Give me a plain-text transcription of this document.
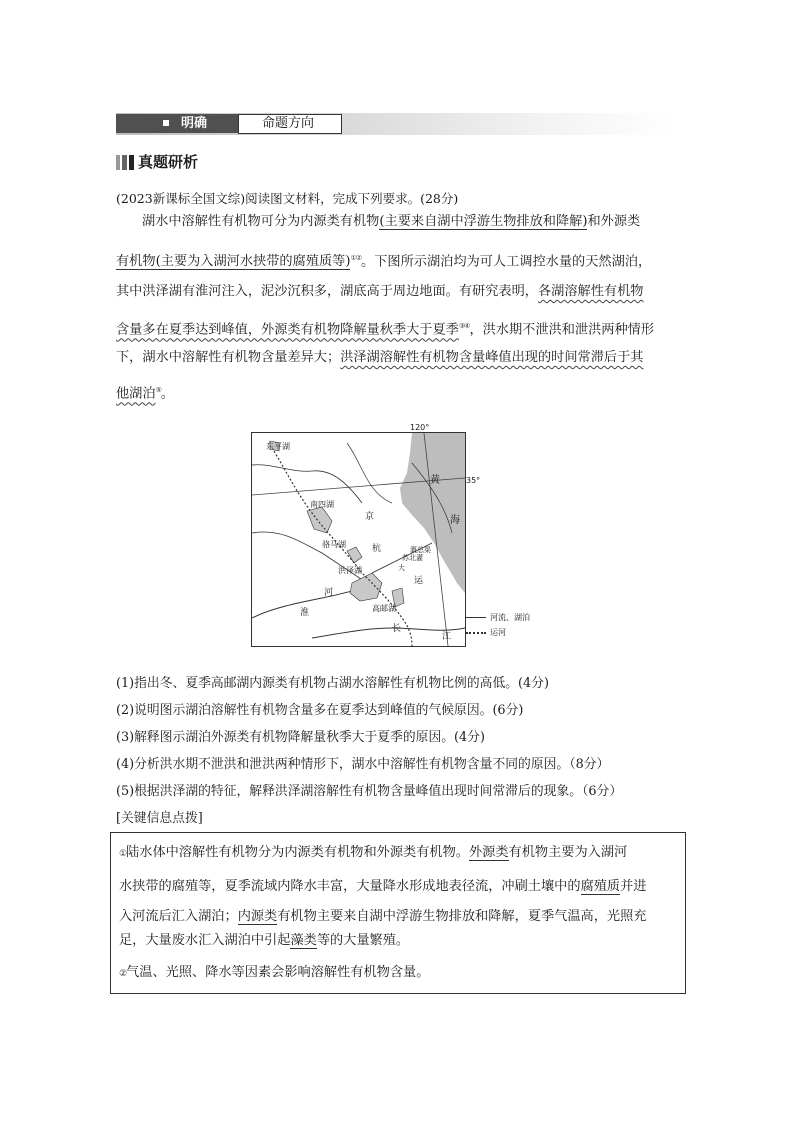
明确	命题方向
真题研析
(2023新课标全国文综)阅读图文材料，完成下列要求。(28分)
湖水中溶解性有机物可分为内源类有机物(主要来自湖中浮游生物排放和降解)和外源类
有机物(主要为入湖河水挟带的腐殖质等)①②。下图所示湖泊均为可人工调控水量的天然湖泊，
其中洪泽湖有淮河注入，泥沙沉积多，湖底高于周边地面。有研究表明，各湖溶解性有机物
含量多在夏季达到峰值，外源类有机物降解量秋季大于夏季③④，洪水期不泄洪和泄洪两种情形
下，湖水中溶解性有机物含量差异大；洪泽湖溶解性有机物含量峰值出现的时间常滞后于其
他湖泊⑤。
东平湖
南四湖
骆马湖
洪泽湖
高邮湖
京
杭
运
大
黄
海
淮
河
长
江
苏北灌
溉总渠
120°
35°
河流、湖泊
运河
(1)指出冬、夏季高邮湖内源类有机物占湖水溶解性有机物比例的高低。(4分)
(2)说明图示湖泊溶解性有机物含量多在夏季达到峰值的气候原因。(6分)
(3)解释图示湖泊外源类有机物降解量秋季大于夏季的原因。(4分)
(4)分析洪水期不泄洪和泄洪两种情形下，湖水中溶解性有机物含量不同的原因。（8分）
(5)根据洪泽湖的特征，解释洪泽湖溶解性有机物含量峰值出现时间常滞后的现象。（6分）
[关键信息点拨]
①陆水体中溶解性有机物分为内源类有机物和外源类有机物。外源类有机物主要为入湖河
水挟带的腐殖等，夏季流域内降水丰富，大量降水形成地表径流，冲刷土壤中的腐殖质并进
入河流后汇入湖泊；内源类有机物主要来自湖中浮游生物排放和降解，夏季气温高，光照充
足，大量废水汇入湖泊中引起藻类等的大量繁殖。
②气温、光照、降水等因素会影响溶解性有机物含量。
